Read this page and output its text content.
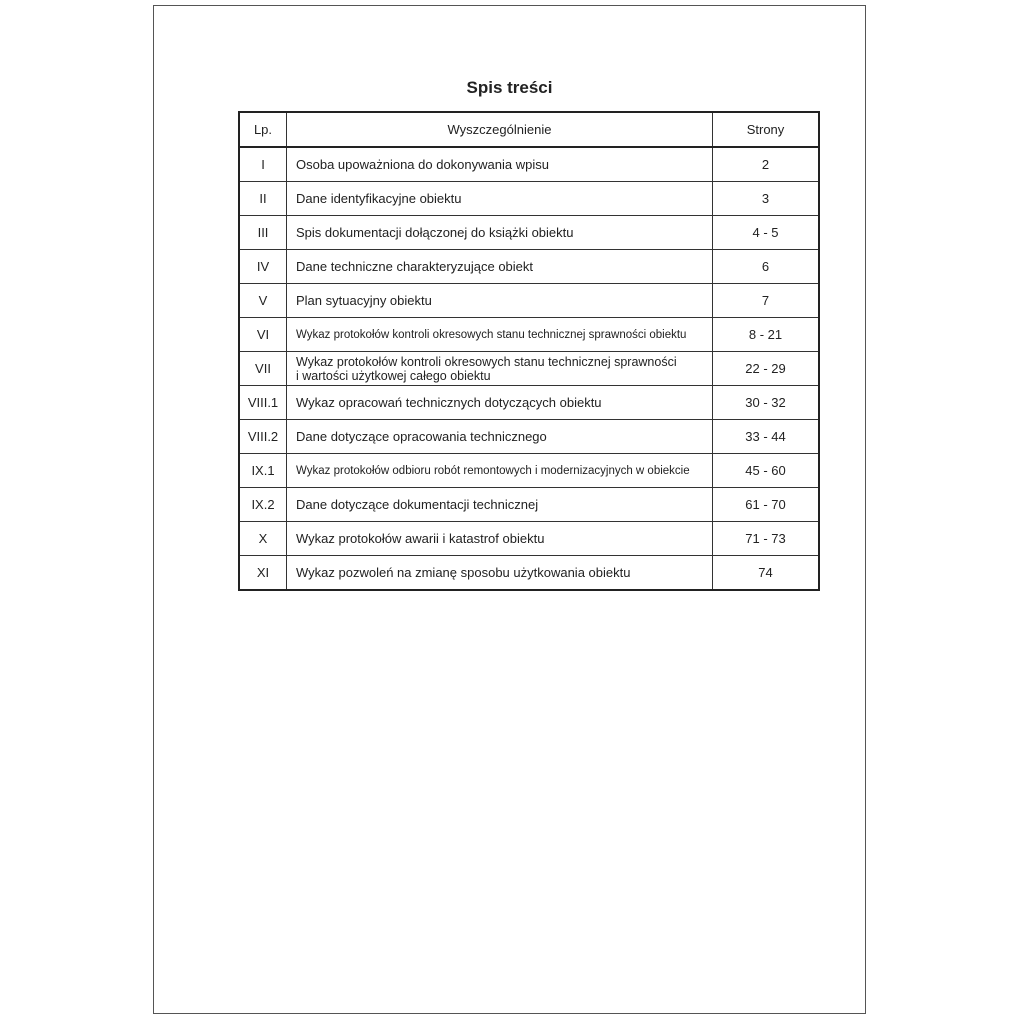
Spis treści
Lp.	Wyszczególnienie	Strony
I	Osoba upoważniona do dokonywania wpisu	2
II	Dane identyfikacyjne obiektu	3
III	Spis dokumentacji dołączonej do książki obiektu	4 - 5
IV	Dane techniczne charakteryzujące obiekt	6
V	Plan sytuacyjny obiektu	7
VI	Wykaz protokołów kontroli okresowych stanu technicznej sprawności obiektu	8 - 21
VII	Wykaz protokołów kontroli okresowych stanu technicznej sprawności
i wartości użytkowej całego obiektu	22 - 29
VIII.1	Wykaz opracowań technicznych dotyczących obiektu	30 - 32
VIII.2	Dane dotyczące opracowania technicznego	33 - 44
IX.1	Wykaz protokołów odbioru robót remontowych i modernizacyjnych w obiekcie	45 - 60
IX.2	Dane dotyczące dokumentacji technicznej	61 - 70
X	Wykaz protokołów awarii i katastrof obiektu	71 - 73
XI	Wykaz pozwoleń na zmianę sposobu użytkowania obiektu	74
